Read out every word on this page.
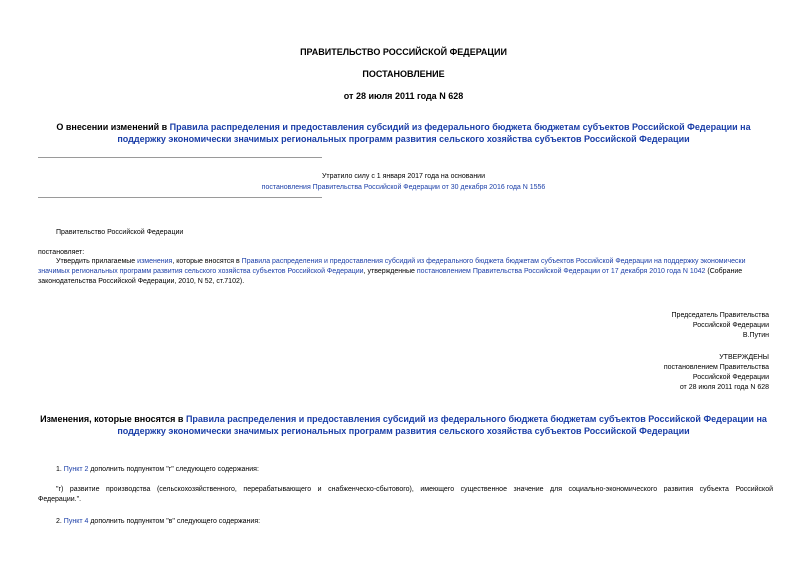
ПРАВИТЕЛЬСТВО РОССИЙСКОЙ ФЕДЕРАЦИИ
ПОСТАНОВЛЕНИЕ
от 28 июля 2011 года N 628
О внесении изменений в Правила распределения и предоставления субсидий из федерального бюджета бюджетам субъектов Российской Федерации на
поддержку экономически значимых региональных программ развития сельского хозяйства субъектов Российской Федерации
Утратило силу с 1 января 2017 года на основании
постановления Правительства Российской Федерации от 30 декабря 2016 года N 1556
Правительство Российской Федерации
постановляет:
Утвердить прилагаемые изменения, которые вносятся в Правила распределения и предоставления субсидий из федерального бюджета бюджетам субъектов Российской Федерации на поддержку экономически
значимых региональных программ развития сельского хозяйства субъектов Российской Федерации, утвержденные постановлением Правительства Российской Федерации от 17 декабря 2010 года N 1042 (Собрание
законодательства Российской Федерации, 2010, N 52, ст.7102).
Председатель Правительства
Российской Федерации
В.Путин
УТВЕРЖДЕНЫ
постановлением Правительства
Российской Федерации
от 28 июля 2011 года N 628
Изменения, которые вносятся в Правила распределения и предоставления субсидий из федерального бюджета бюджетам субъектов Российской Федерации на
поддержку экономически значимых региональных программ развития сельского хозяйства субъектов Российской Федерации
1. Пункт 2 дополнить подпунктом "г" следующего содержания:
"г) развитие производства (сельскохозяйственного, перерабатывающего и снабженческо-сбытового), имеющего существенное значение для социально-экономического развития субъекта Российской
Федерации.".
2. Пункт 4 дополнить подпунктом "в" следующего содержания:
